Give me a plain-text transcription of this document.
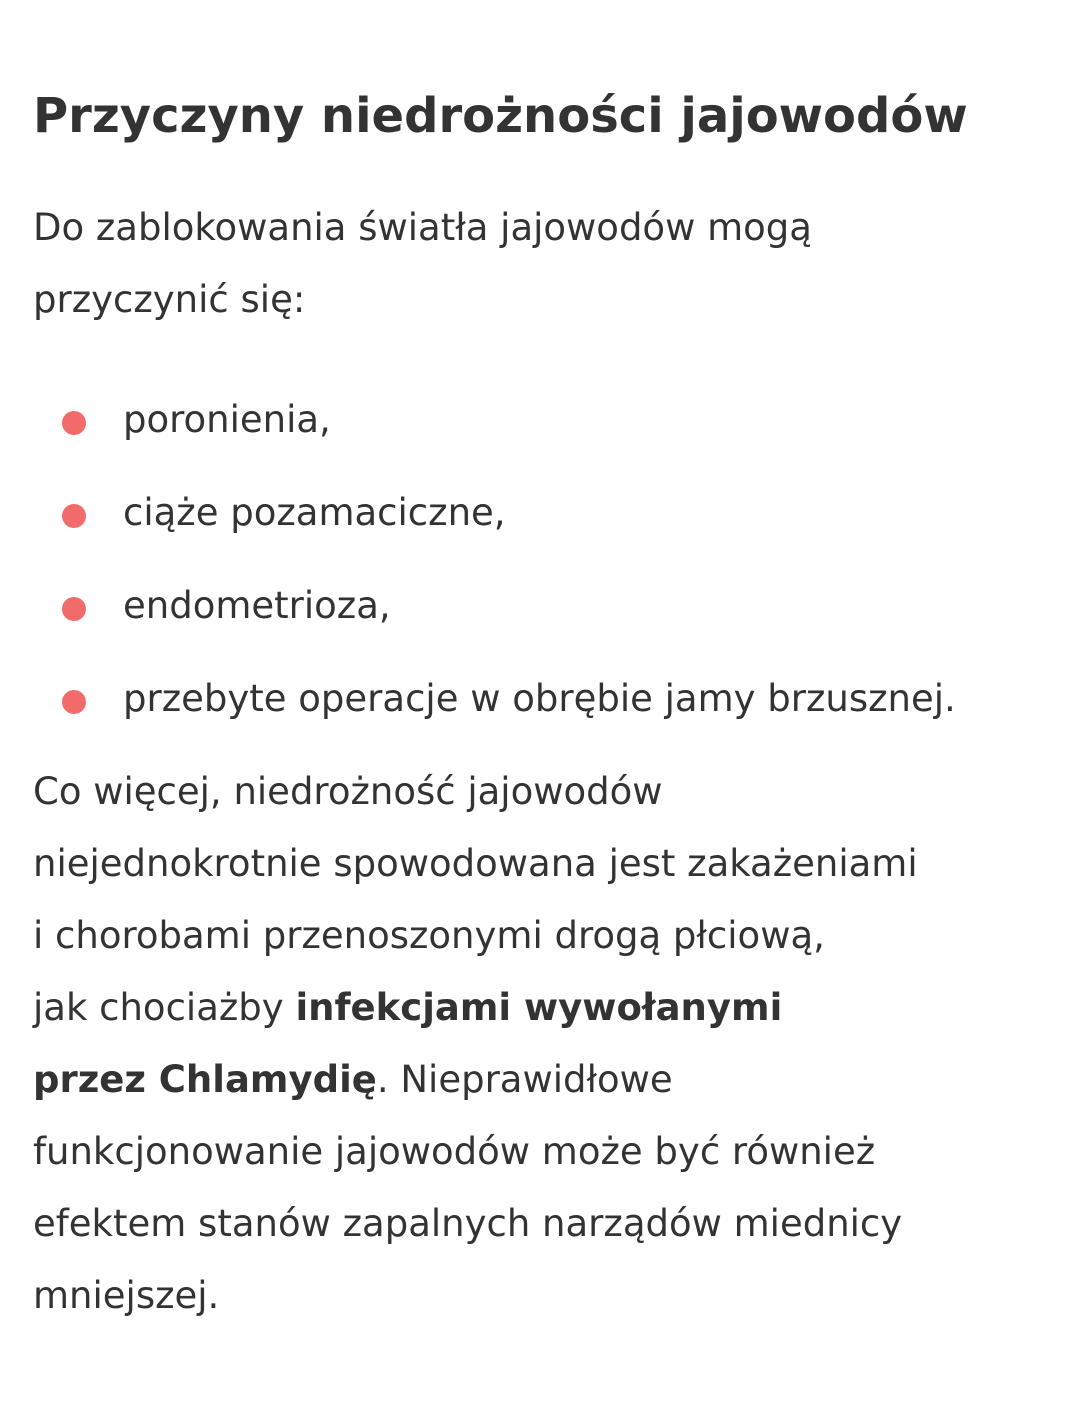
Przyczyny niedrożności jajowodów

Do zablokowania światła jajowodów mogą
przyczynić się:

poronienia,
ciąże pozamaciczne,
endometrioza,
przebyte operacje w obrębie jamy brzusznej.

Co więcej, niedrożność jajowodów
niejednokrotnie spowodowana jest zakażeniami
i chorobami przenoszonymi drogą płciową,
jak chociażby infekcjami wywołanymi
przez Chlamydię. Nieprawidłowe
funkcjonowanie jajowodów może być również
efektem stanów zapalnych narządów miednicy
mniejszej.
